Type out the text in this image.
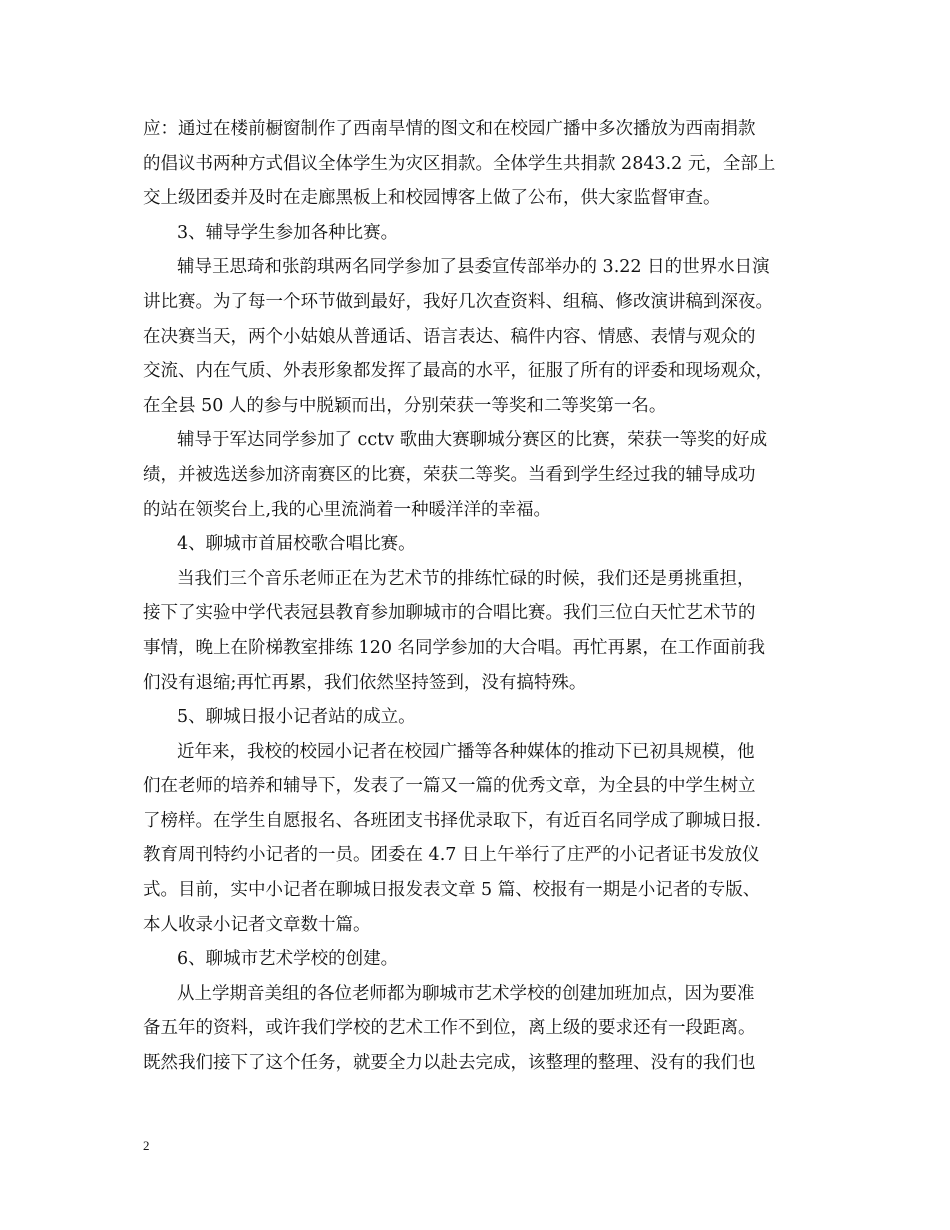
应：通过在楼前橱窗制作了西南旱情的图文和在校园广播中多次播放为西南捐款
的倡议书两种方式倡议全体学生为灾区捐款。全体学生共捐款 2843.2 元，全部上
交上级团委并及时在走廊黑板上和校园博客上做了公布，供大家监督审查。
3、辅导学生参加各种比赛。
辅导王思琦和张韵琪两名同学参加了县委宣传部举办的 3.22 日的世界水日演
讲比赛。为了每一个环节做到最好，我好几次查资料、组稿、修改演讲稿到深夜。
在决赛当天，两个小姑娘从普通话、语言表达、稿件内容、情感、表情与观众的
交流、内在气质、外表形象都发挥了最高的水平，征服了所有的评委和现场观众，
在全县 50 人的参与中脱颖而出，分别荣获一等奖和二等奖第一名。
辅导于军达同学参加了 cctv 歌曲大赛聊城分赛区的比赛，荣获一等奖的好成
绩，并被选送参加济南赛区的比赛，荣获二等奖。当看到学生经过我的辅导成功
的站在领奖台上,我的心里流淌着一种暖洋洋的幸福。
4、聊城市首届校歌合唱比赛。
当我们三个音乐老师正在为艺术节的排练忙碌的时候，我们还是勇挑重担，
接下了实验中学代表冠县教育参加聊城市的合唱比赛。我们三位白天忙艺术节的
事情，晚上在阶梯教室排练 120 名同学参加的大合唱。再忙再累，在工作面前我
们没有退缩;再忙再累，我们依然坚持签到，没有搞特殊。
5、聊城日报小记者站的成立。
近年来，我校的校园小记者在校园广播等各种媒体的推动下已初具规模，他
们在老师的培养和辅导下，发表了一篇又一篇的优秀文章，为全县的中学生树立
了榜样。在学生自愿报名、各班团支书择优录取下，有近百名同学成了聊城日报.
教育周刊特约小记者的一员。团委在 4.7 日上午举行了庄严的小记者证书发放仪
式。目前，实中小记者在聊城日报发表文章 5 篇、校报有一期是小记者的专版、
本人收录小记者文章数十篇。
6、聊城市艺术学校的创建。
从上学期音美组的各位老师都为聊城市艺术学校的创建加班加点，因为要准
备五年的资料，或许我们学校的艺术工作不到位，离上级的要求还有一段距离。
既然我们接下了这个任务，就要全力以赴去完成，该整理的整理、没有的我们也
2
